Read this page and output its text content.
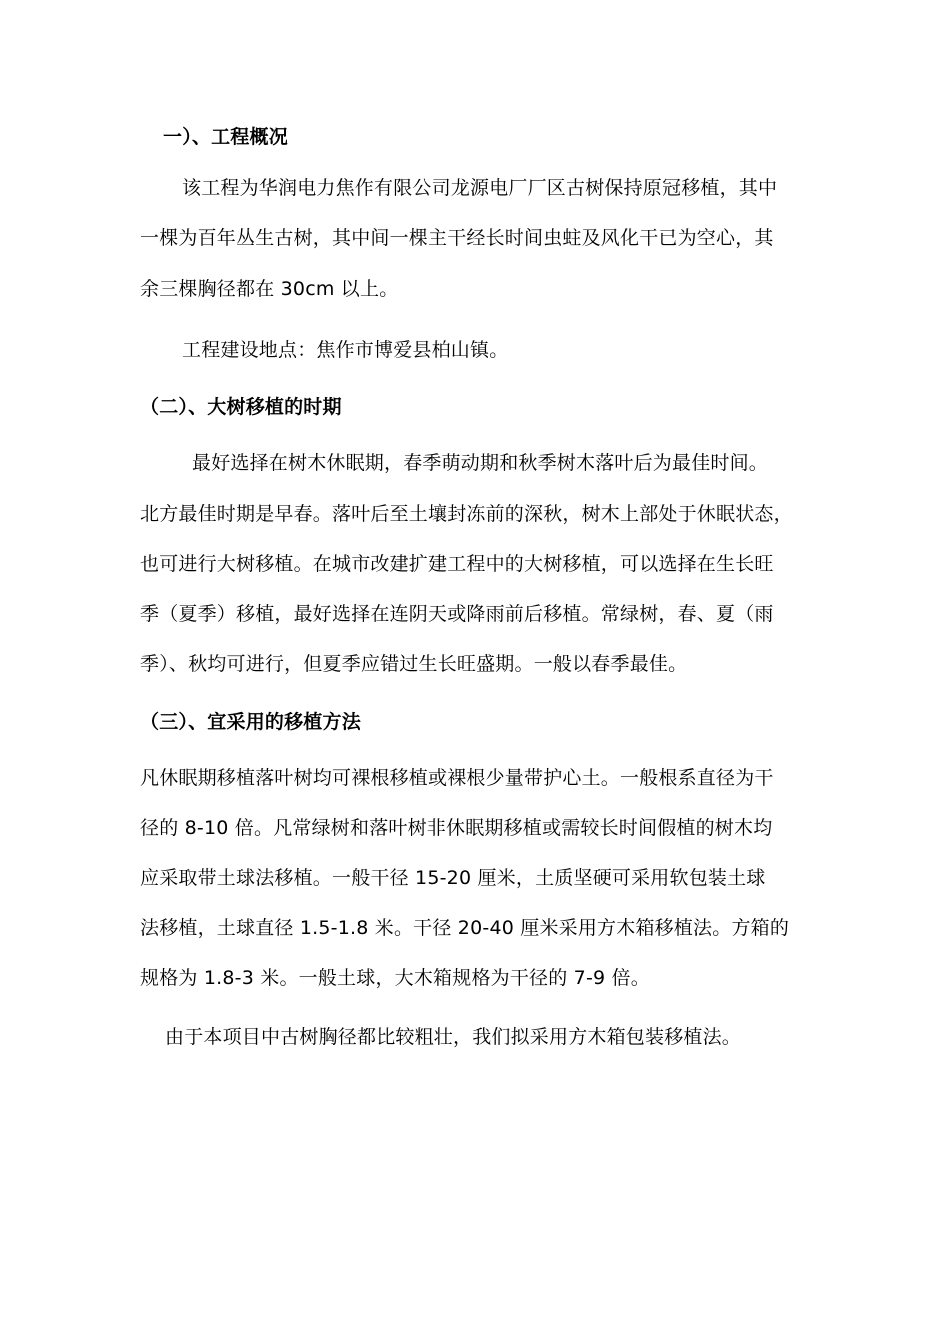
一）、工程概况
该工程为华润电力焦作有限公司龙源电厂厂区古树保持原冠移植，其中
一棵为百年丛生古树，其中间一棵主干经长时间虫蛀及风化干已为空心，其
余三棵胸径都在 30cm 以上。
工程建设地点：焦作市博爱县柏山镇。
（二）、大树移植的时期
最好选择在树木休眠期，春季萌动期和秋季树木落叶后为最佳时间。
北方最佳时期是早春。落叶后至土壤封冻前的深秋，树木上部处于休眠状态，
也可进行大树移植。在城市改建扩建工程中的大树移植，可以选择在生长旺
季（夏季）移植，最好选择在连阴天或降雨前后移植。常绿树，春、夏（雨
季）、秋均可进行，但夏季应错过生长旺盛期。一般以春季最佳。
（三）、宜采用的移植方法
凡休眠期移植落叶树均可裸根移植或裸根少量带护心土。一般根系直径为干
径的 8-10 倍。凡常绿树和落叶树非休眠期移植或需较长时间假植的树木均
应采取带土球法移植。一般干径 15-20 厘米，土质坚硬可采用软包装土球
法移植，土球直径 1.5-1.8 米。干径 20-40 厘米采用方木箱移植法。方箱的
规格为 1.8-3 米。一般土球，大木箱规格为干径的 7-9 倍。
由于本项目中古树胸径都比较粗壮，我们拟采用方木箱包装移植法。
